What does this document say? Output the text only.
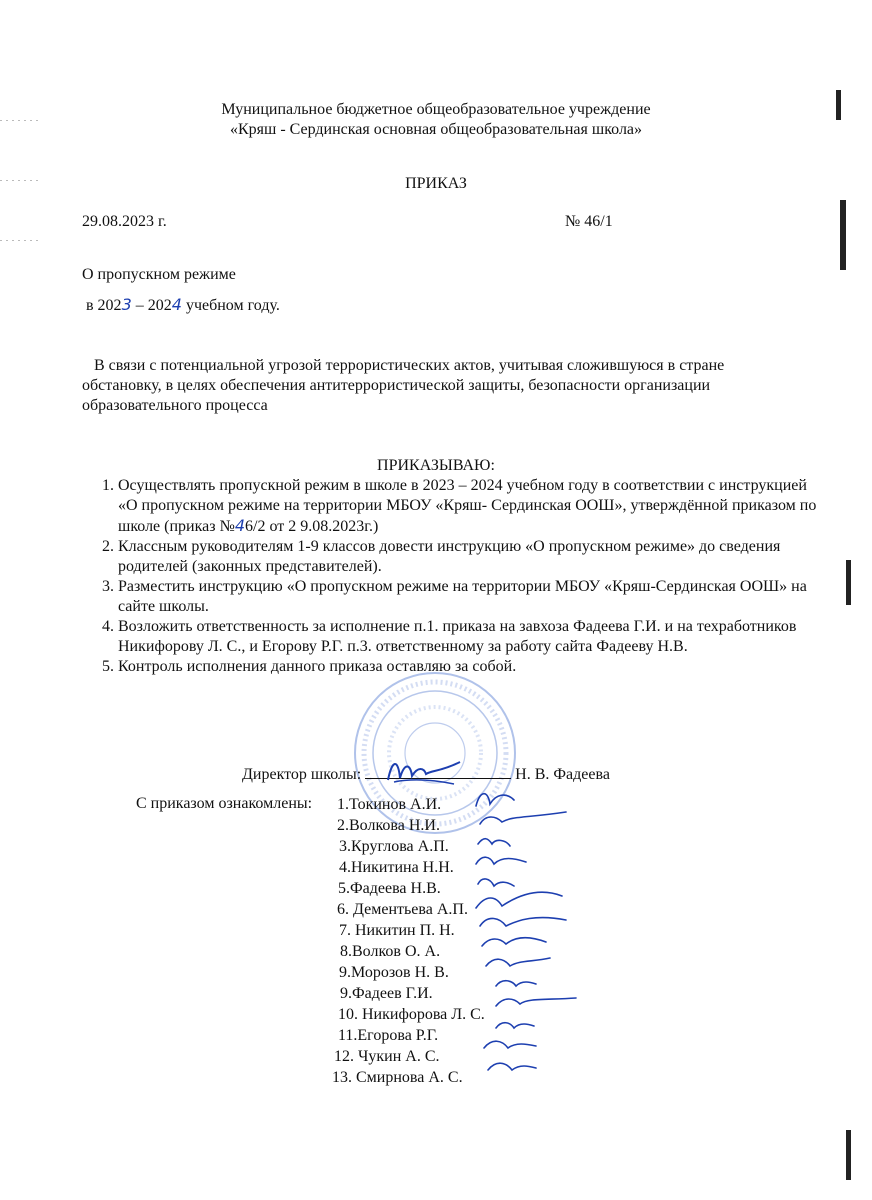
Муниципальное бюджетное общеобразовательное учреждение
«Кряш - Сердинская основная общеобразовательная школа»
ПРИКАЗ
29.08.2023 г.	№ 46/1
О пропускном режиме
в 2023 – 2024 учебном году.
В связи с потенциальной угрозой террористических актов, учитывая сложившуюся в стране обстановку, в целях обеспечения антитеррористической защиты, безопасности организации образовательного процесса
ПРИКАЗЫВАЮ:
1. Осуществлять пропускной режим в школе в 2023 – 2024 учебном году в соответствии с инструкцией «О пропускном режиме на территории МБОУ «Кряш- Сердинская ООШ», утверждённой приказом по школе (приказ №46/2 от 2 9.08.2023г.)
2. Классным руководителям 1-9 классов довести инструкцию «О пропускном режиме» до сведения родителей (законных представителей).
3. Разместить инструкцию «О пропускном режиме на территории МБОУ «Кряш-Сердинская ООШ» на сайте школы.
4. Возложить ответственность за исполнение п.1. приказа на завхоза Фадеева Г.И. и на техработников Никифорову Л. С., и Егорову Р.Г. п.3. ответственному за работу сайта Фадееву Н.В.
5. Контроль исполнения данного приказа оставляю за собой.
Директор школы:	Н. В. Фадеева
С приказом ознакомлены: 1.Токинов А.И.
2.Волкова Н.И.
3.Круглова А.П.
4.Никитина Н.Н.
5.Фадеева Н.В.
6. Дементьева А.П.
7. Никитин П. Н.
8.Волков О. А.
9.Морозов Н. В.
9.Фадеев Г.И.
10. Никифорова Л. С.
11.Егорова Р.Г.
12. Чукин А. С.
13. Смирнова А. С.
